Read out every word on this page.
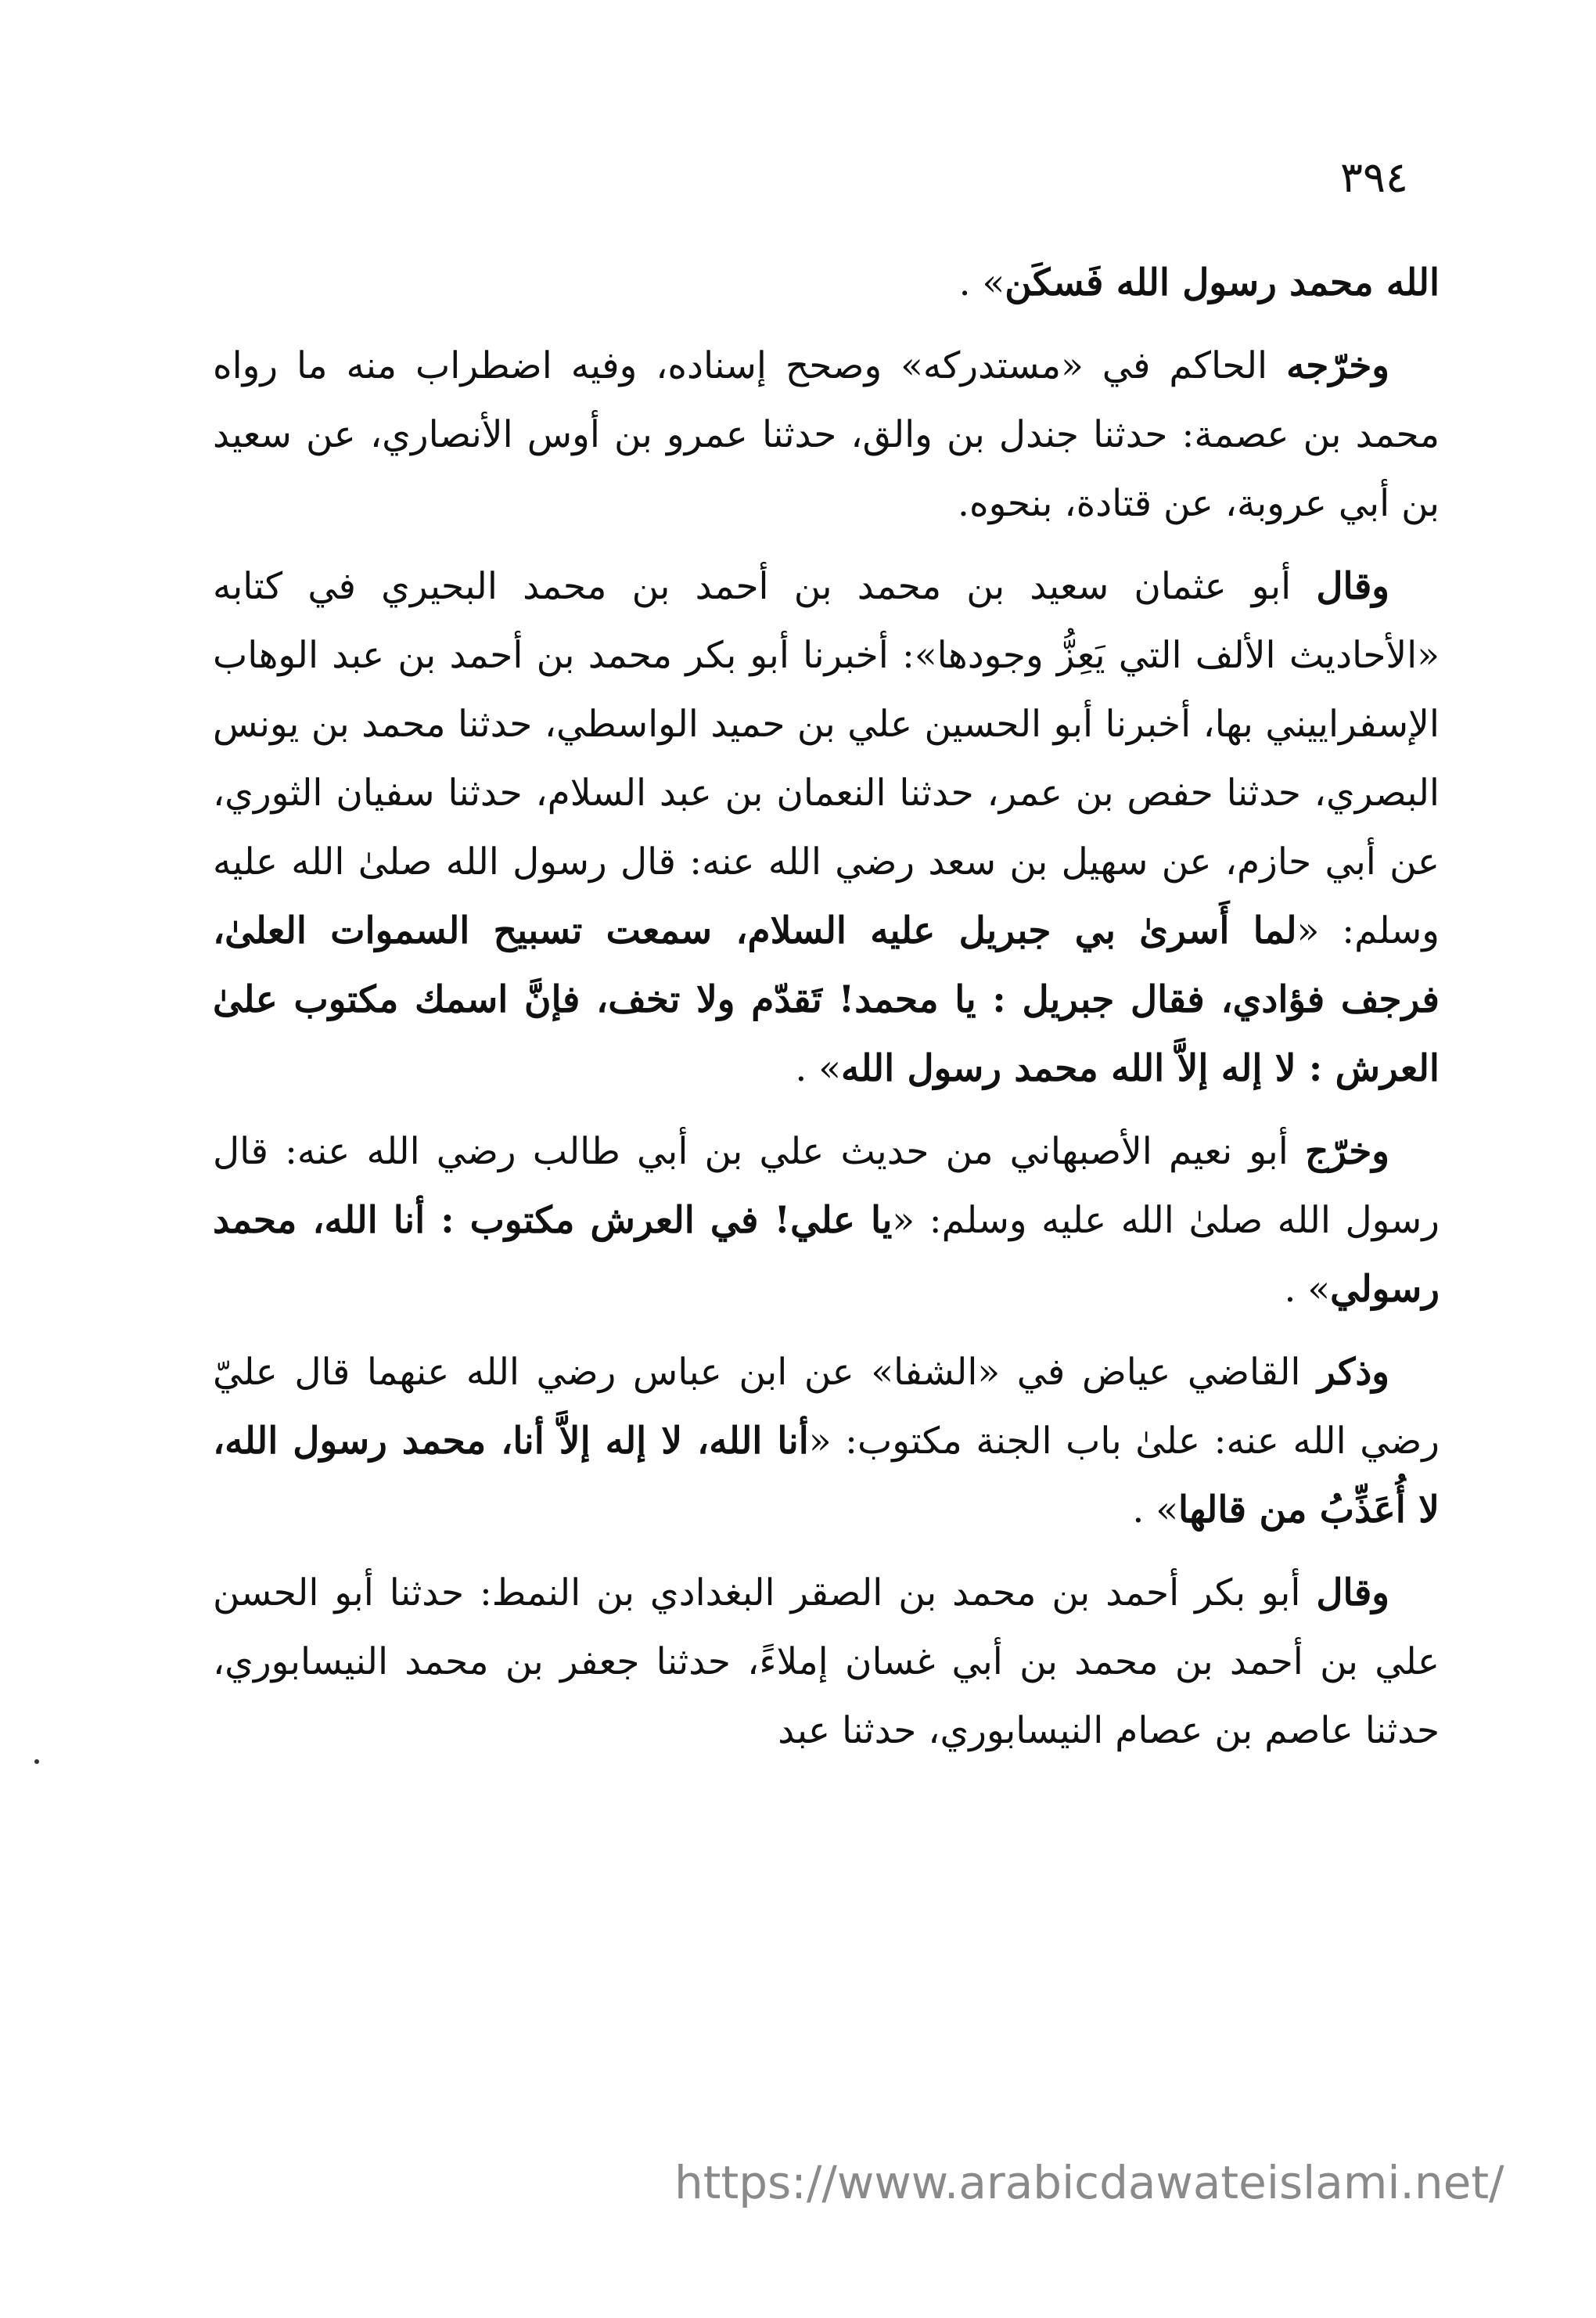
٣٩٤

الله محمد رسول الله فَسكَن» .

وخرّجه الحاكم في «مستدركه» وصحح إسناده، وفيه اضطراب منه ما رواه محمد بن عصمة: حدثنا جندل بن والق، حدثنا عمرو بن أوس الأنصاري، عن سعيد بن أبي عروبة، عن قتادة، بنحوه.

وقال أبو عثمان سعيد بن محمد بن أحمد بن محمد البحيري في كتابه «الأحاديث الألف التي يَعِزُّ وجودها»: أخبرنا أبو بكر محمد بن أحمد بن عبد الوهاب الإسفراييني بها، أخبرنا أبو الحسين علي بن حميد الواسطي، حدثنا محمد بن يونس البصري، حدثنا حفص بن عمر، حدثنا النعمان بن عبد السلام، حدثنا سفيان الثوري، عن أبي حازم، عن سهيل بن سعد رضي الله عنه: قال رسول الله صلىٰ الله عليه وسلم: «لما أَسرىٰ بي جبريل عليه السلام، سمعت تسبيح السموات العلىٰ، فرجف فؤادي، فقال جبريل : يا محمد! تَقدّم ولا تخف، فإنَّ اسمك مكتوب علىٰ العرش : لا إله إلاَّ الله محمد رسول الله» .

وخرّج أبو نعيم الأصبهاني من حديث علي بن أبي طالب رضي الله عنه: قال رسول الله صلىٰ الله عليه وسلم: «يا علي! في العرش مكتوب : أنا الله، محمد رسولي» .

وذكر القاضي عياض في «الشفا» عن ابن عباس رضي الله عنهما قال عليّ رضي الله عنه: علىٰ باب الجنة مكتوب: «أنا الله، لا إله إلاَّ أنا، محمد رسول الله، لا أُعَذِّبُ من قالها» .

وقال أبو بكر أحمد بن محمد بن الصقر البغدادي بن النمط: حدثنا أبو الحسن علي بن أحمد بن محمد بن أبي غسان إملاءً، حدثنا جعفر بن محمد النيسابوري، حدثنا عاصم بن عصام النيسابوري، حدثنا عبد

https://www.arabicdawateislami.net/
